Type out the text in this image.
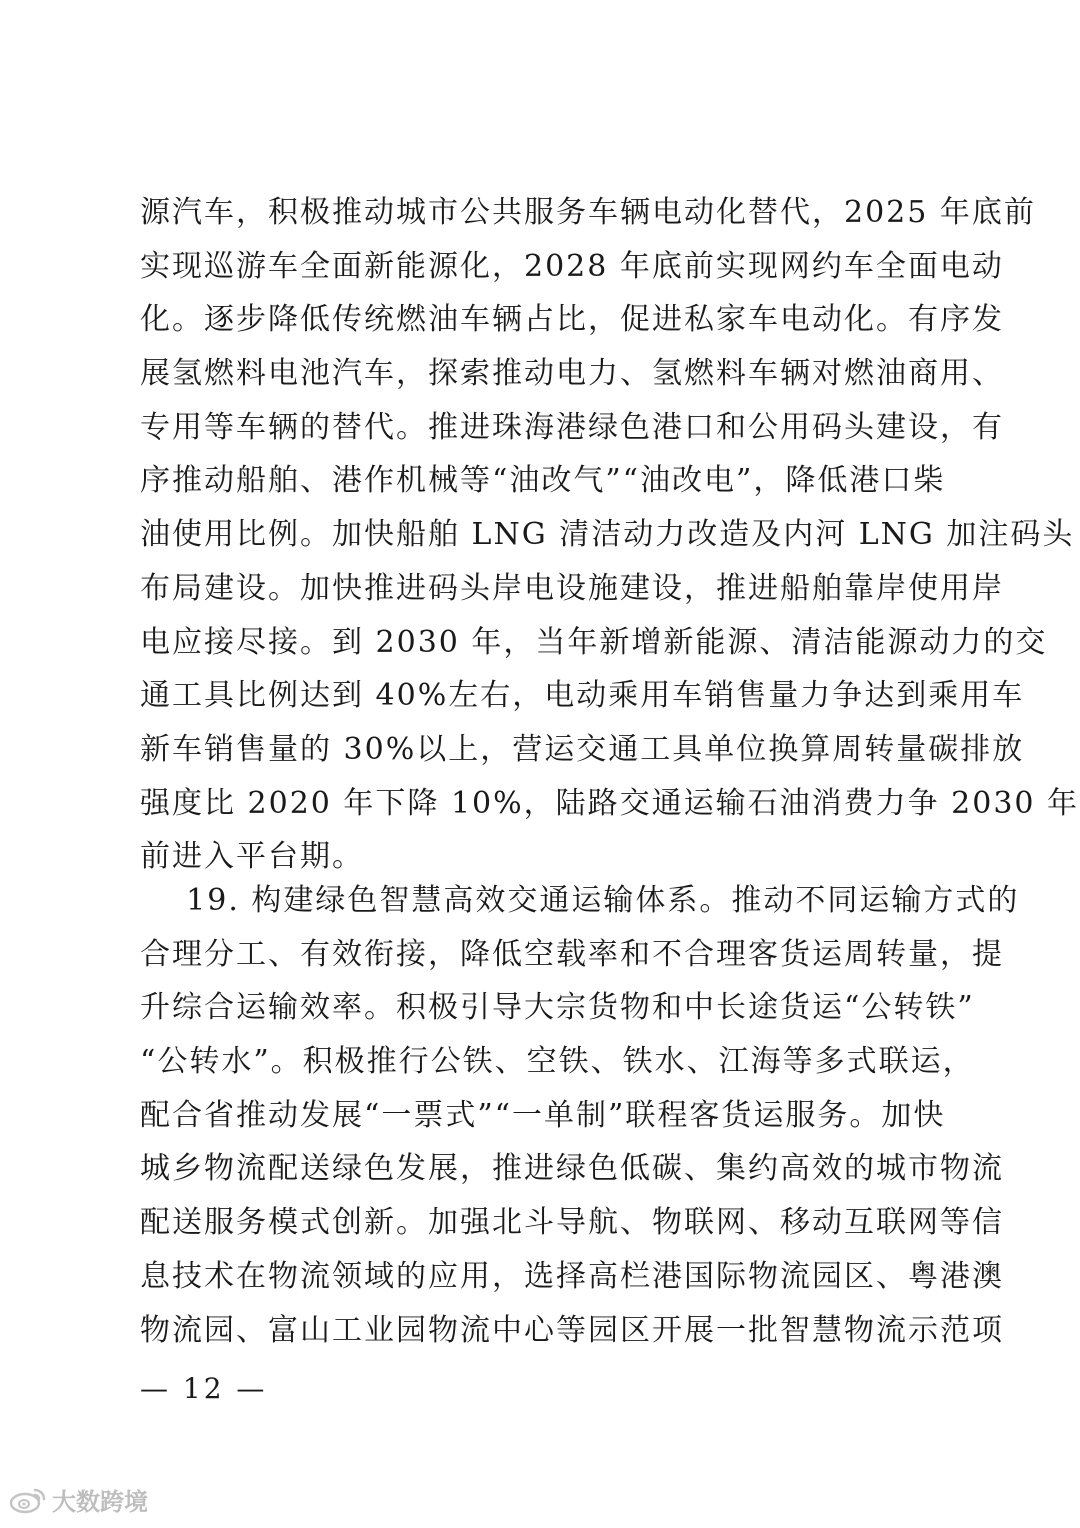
源汽车，积极推动城市公共服务车辆电动化替代，2025 年底前
实现巡游车全面新能源化，2028 年底前实现网约车全面电动
化。逐步降低传统燃油车辆占比，促进私家车电动化。有序发
展氢燃料电池汽车，探索推动电力、氢燃料车辆对燃油商用、
专用等车辆的替代。推进珠海港绿色港口和公用码头建设，有
序推动船舶、港作机械等“油改气”“油改电”，降低港口柴
油使用比例。加快船舶 LNG 清洁动力改造及内河 LNG 加注码头
布局建设。加快推进码头岸电设施建设，推进船舶靠岸使用岸
电应接尽接。到 2030 年，当年新增新能源、清洁能源动力的交
通工具比例达到 40%左右，电动乘用车销售量力争达到乘用车
新车销售量的 30%以上，营运交通工具单位换算周转量碳排放
强度比 2020 年下降 10%，陆路交通运输石油消费力争 2030 年
前进入平台期。
19. 构建绿色智慧高效交通运输体系。推动不同运输方式的
合理分工、有效衔接，降低空载率和不合理客货运周转量，提
升综合运输效率。积极引导大宗货物和中长途货运“公转铁”
“公转水”。积极推行公铁、空铁、铁水、江海等多式联运，
配合省推动发展“一票式”“一单制”联程客货运服务。加快
城乡物流配送绿色发展，推进绿色低碳、集约高效的城市物流
配送服务模式创新。加强北斗导航、物联网、移动互联网等信
息技术在物流领域的应用，选择高栏港国际物流园区、粤港澳
物流园、富山工业园物流中心等园区开展一批智慧物流示范项
— 12 —
大数跨境
